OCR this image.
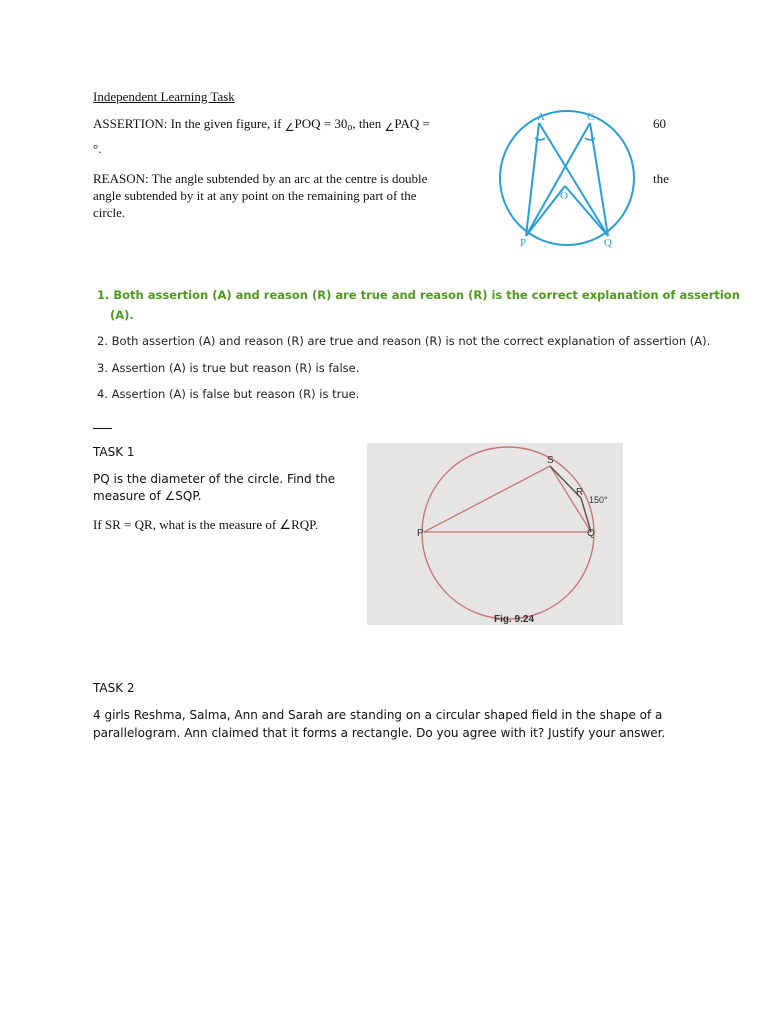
Independent Learning Task
ASSERTION: In the given figure, if $_\angle$POQ = 30o, then $_\angle$PAQ =	60
°.
REASON: The angle subtended by an arc at the centre is double	the
angle subtended by it at any point on the remaining part of the
circle.
A	C
O
P	Q
1. Both assertion (A) and reason (R) are true and reason (R) is the correct explanation of assertion
(A).
2. Both assertion (A) and reason (R) are true and reason (R) is not the correct explanation of assertion (A).
3. Assertion (A) is true but reason (R) is false.
4. Assertion (A) is false but reason (R) is true.
TASK 1
PQ is the diameter of the circle. Find the
measure of ∠SQP.
If SR = QR, what is the measure of ∠RQP.
S
R
P	Q
150°
Fig. 9.24
TASK 2
4 girls Reshma, Salma, Ann and Sarah are standing on a circular shaped field in the shape of a
parallelogram. Ann claimed that it forms a rectangle. Do you agree with it? Justify your answer.
